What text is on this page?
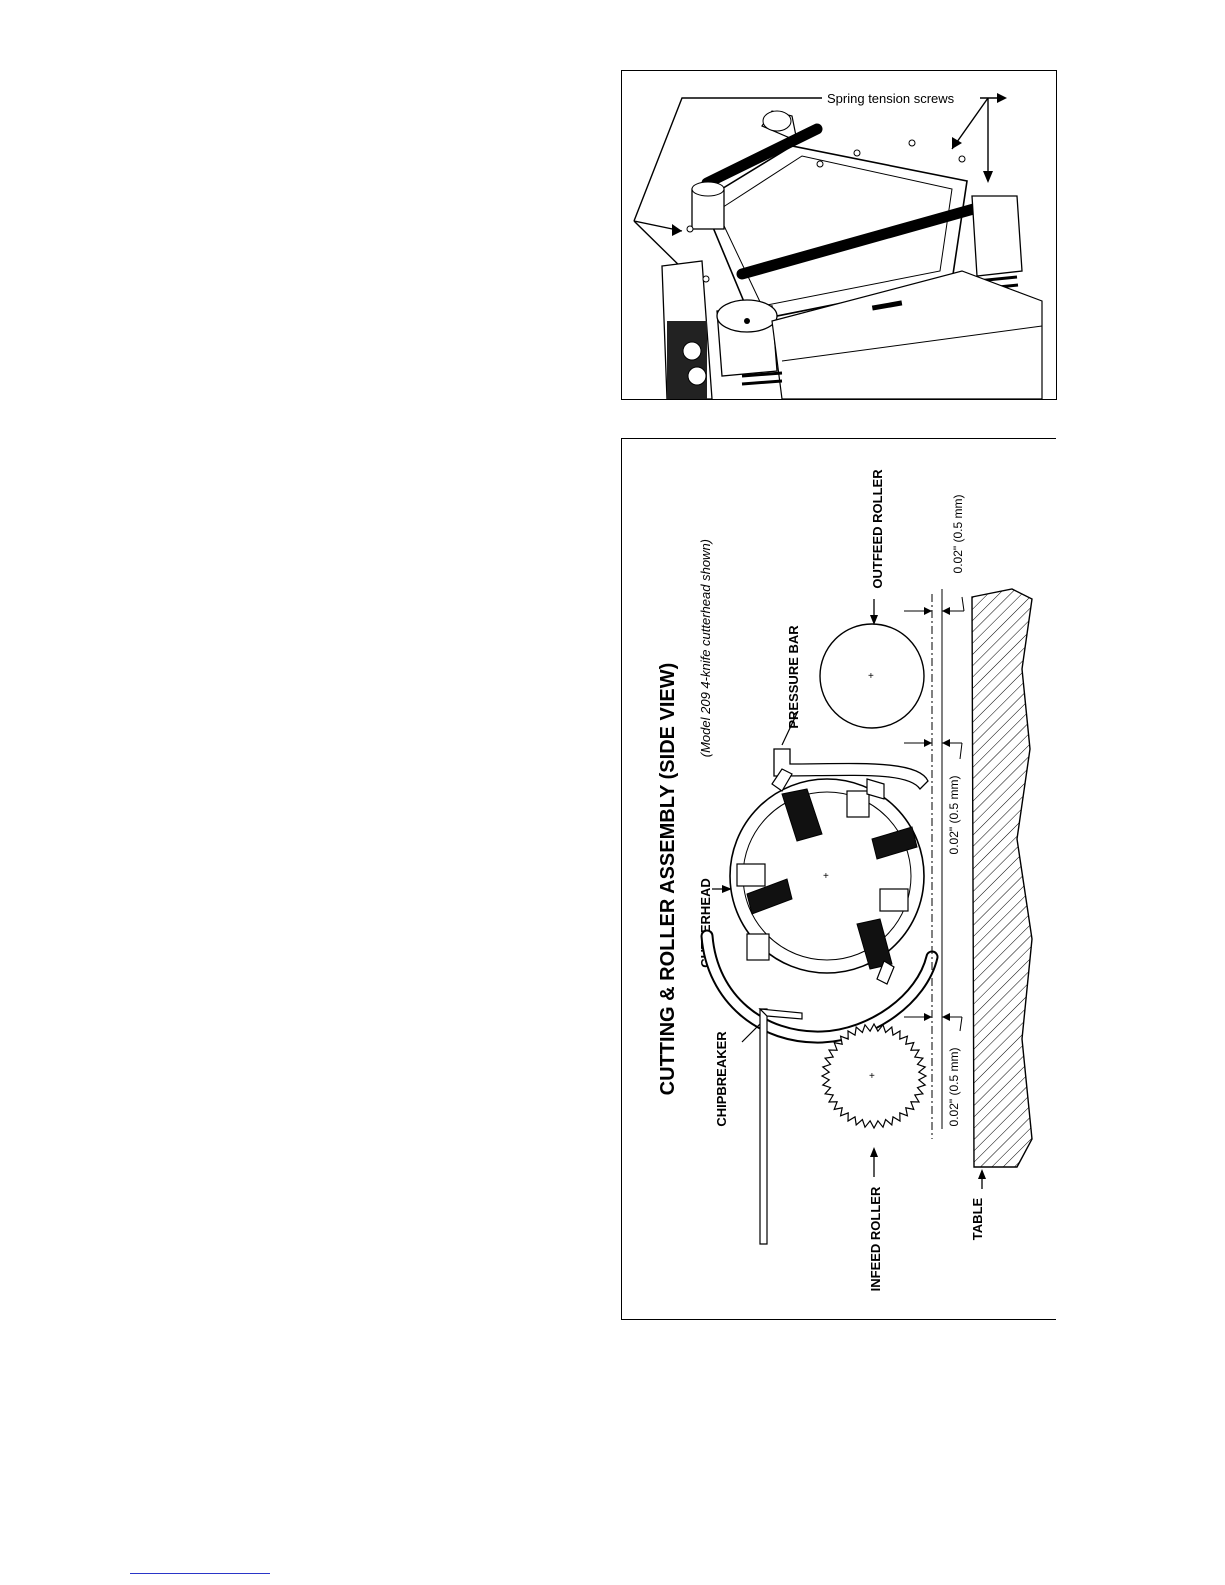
Spring tension screws
CUTTING & ROLLER ASSEMBLY (SIDE VIEW)
(Model 209 4-knife cutterhead shown)
CUTTERHEAD
CHIPBREAKER
PRESSURE BAR
OUTFEED ROLLER
INFEED ROLLER	TABLE
0.02" (0.5 mm)
0.02" (0.5 mm)
0.02" (0.5 mm)
+
+
+
